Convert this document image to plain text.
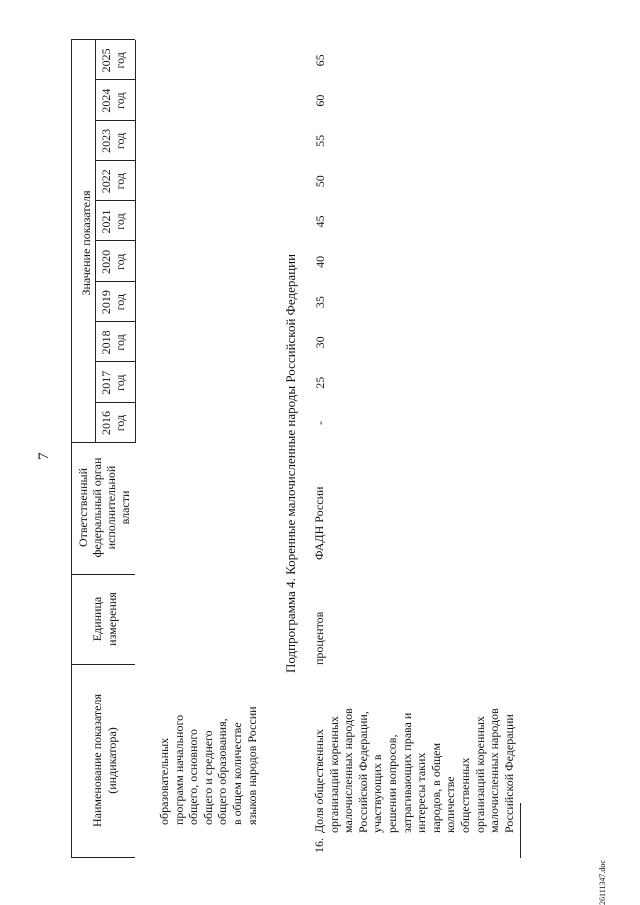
7
Наименование показателя (индикатора)
Единица измерения
Ответственный федеральный орган исполнительной власти
Значение показателя
2016 год
2017 год
2018 год
2019 год
2020 год
2021 год
2022 год
2023 год
2024 год
2025 год
образовательных программ начального общего, основного общего и среднего общего образования, в общем количестве языков народов России
Подпрограмма 4. Коренные малочисленные народы Российской Федерации
16.
Доля общественных организаций коренных малочисленных народов Российской Федерации, участвующих в решении вопросов, затрагивающих права и интересы таких народов, в общем количестве общественных организаций коренных малочисленных народов Российской Федерации
процентов
ФАДН России
-
25
30
35
40
45
50
55
60
65
26111347.doc
